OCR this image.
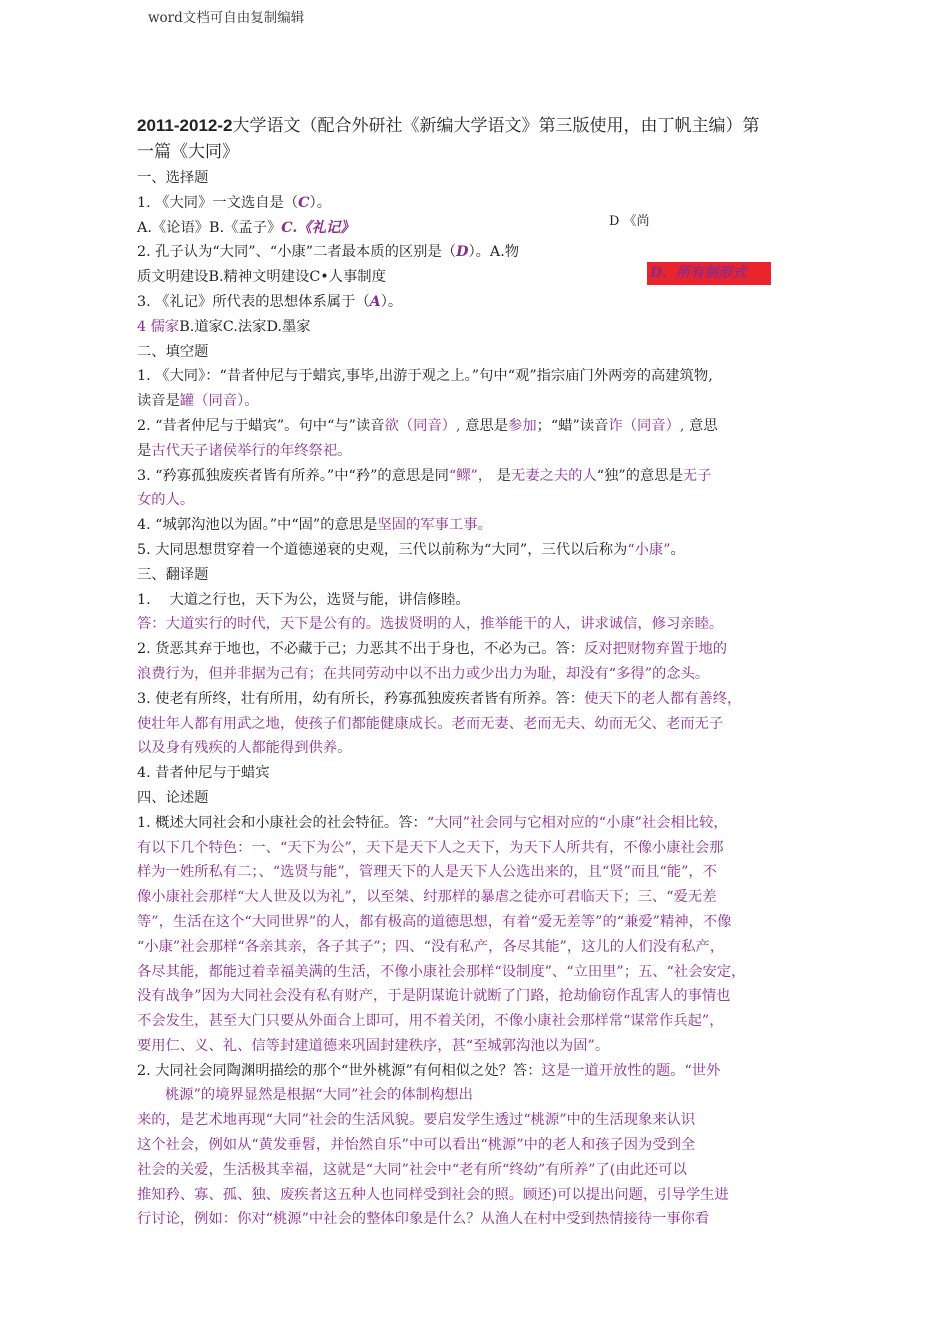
word文档可自由复制编辑
D 《尚
D．所有制形式

2011-2012-2大学语文（配合外研社《新编大学语文》第三版使用，由丁帆主编）第

一篇《大同》

一、选择题

1. 《大同》一文选自是（C）。

A.《论语》B.《孟子》C.《礼记》

2. 孔子认为“大同”、“小康”二者最本质的区别是（D）。A.物

质文明建设B.精神文明建设C•人事制度

3. 《礼记》所代表的思想体系属于（A）。

4 儒家B.道家C.法家D.墨家

二、填空题

1. 《大同》：“昔者仲尼与于蜡宾,事毕,出游于观之上。”句中“观”指宗庙门外两旁的高建筑物,

读音是罐（同音）。

2. “昔者仲尼与于蜡宾”。句中“与”读音欲（同音）, 意思是参加；“蜡”读音诈（同音）, 意思

是古代天子诸侯举行的年终祭祀。

3. “矜寡孤独废疾者皆有所养。”中“矜”的意思是同“鳏”， 是无妻之夫的人“独”的意思是无子

女的人。

4. “城郭沟池以为固。”中“固”的意思是坚固的军事工事。

5. 大同思想贯穿着一个道德递衰的史观，三代以前称为“大同”，三代以后称为“小康”。

三、翻译题

1.　 大道之行也，天下为公，选贤与能，讲信修睦。

答：大道实行的时代，天下是公有的。选拔贤明的人，推举能干的人，讲求诚信，修习亲睦。

2. 货恶其弃于地也，不必藏于己；力恶其不出于身也，不必为己。答：反对把财物弃置于地的

浪费行为，但并非据为己有；在共同劳动中以不出力或少出力为耻，却没有“多得”的念头。

3. 使老有所终，壮有所用，幼有所长，矜寡孤独废疾者皆有所养。答：使天下的老人都有善终，

使壮年人都有用武之地，使孩子们都能健康成长。老而无妻、老而无夫、幼而无父、老而无子

以及身有残疾的人都能得到供养。

4. 昔者仲尼与于蜡宾

四、论述题

1. 概述大同社会和小康社会的社会特征。答：“大同”社会同与它相对应的“小康”社会相比较，

有以下几个特色：一、“天下为公”，天下是天下人之天下，为天下人所共有，不像小康社会那

样为一姓所私有二；、“选贤与能”，管理天下的人是天下人公选出来的，且“贤”而且“能”，不

像小康社会那样“大人世及以为礼”，以至桀、纣那样的暴虐之徒亦可君临天下；三、“爱无差

等”，生活在这个“大同世界”的人，都有极高的道德思想，有着“爱无差等”的“兼爱”精神，不像

“小康”社会那样“各亲其亲，各子其子”；四、“没有私产，各尽其能”，这儿的人们没有私产，

各尽其能，都能过着幸福美满的生活，不像小康社会那样“设制度”、“立田里”；五、“社会安定，

没有战争”因为大同社会没有私有财产，于是阴谋诡计就断了门路，抢劫偷窃作乱害人的事情也

不会发生，甚至大门只要从外面合上即可，用不着关闭，不像小康社会那样常“谋常作兵起”，

要用仁、义、礼、信等封建道德来巩固封建秩序，甚“至城郭沟池以为固”。

2. 大同社会同陶渊明描绘的那个“世外桃源”有何相似之处？答：这是一道开放性的题。“世外

桃源”的境界显然是根据“大同”社会的体制构想出

来的，是艺术地再现“大同”社会的生活风貌。要启发学生透过“桃源”中的生活现象来认识

这个社会，例如从“黄发垂髫，并怡然自乐”中可以看出“桃源”中的老人和孩子因为受到全

社会的关爱，生活极其幸福，这就是“大同”社会中“老有所“终幼”有所养”了(由此还可以

推知矜、寡、孤、独、废疾者这五种人也同样受到社会的照。顾还)可以提出问题，引导学生进

行讨论，例如：你对“桃源”中社会的整体印象是什么？从渔人在村中受到热情接待一事你看
